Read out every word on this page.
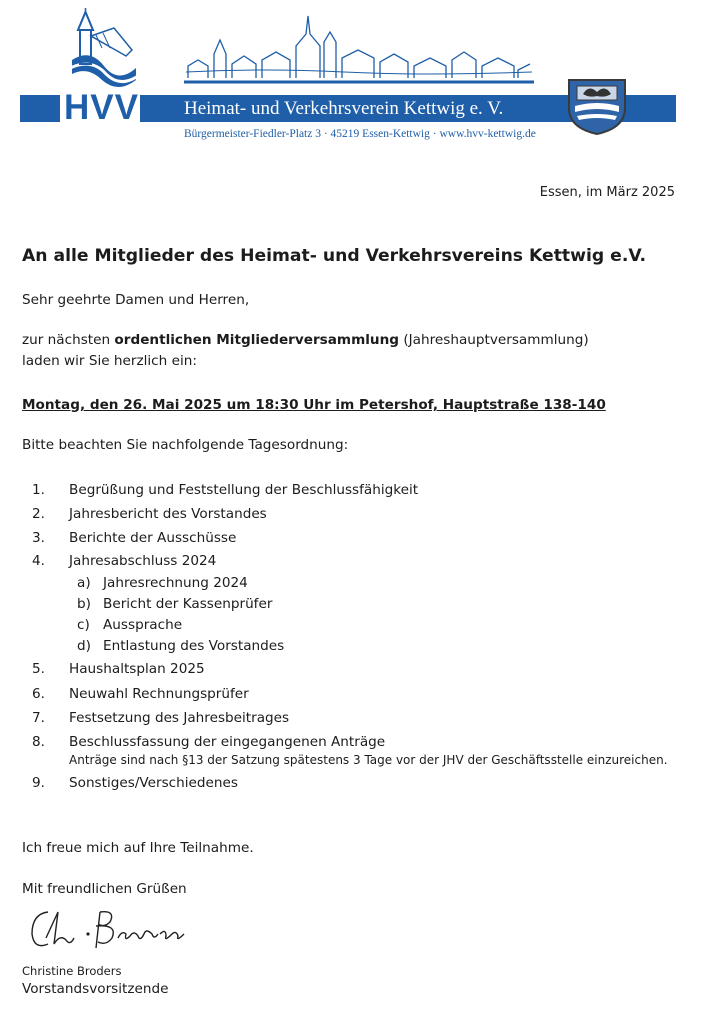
HVV Heimat- und Verkehrsverein Kettwig e. V.
Bürgermeister-Fiedler-Platz 3 · 45219 Essen-Kettwig · www.hvv-kettwig.de
Essen, im März 2025
An alle Mitglieder des Heimat- und Verkehrsvereins Kettwig e.V.
Sehr geehrte Damen und Herren,
zur nächsten ordentlichen Mitgliederversammlung (Jahreshauptversammlung)
laden wir Sie herzlich ein:
Montag, den 26. Mai 2025 um 18:30 Uhr im Petershof, Hauptstraße 138-140
Bitte beachten Sie nachfolgende Tagesordnung:
1. Begrüßung und Feststellung der Beschlussfähigkeit
2. Jahresbericht des Vorstandes
3. Berichte der Ausschüsse
4. Jahresabschluss 2024
a) Jahresrechnung 2024
b) Bericht der Kassenprüfer
c) Aussprache
d) Entlastung des Vorstandes
5. Haushaltsplan 2025
6. Neuwahl Rechnungsprüfer
7. Festsetzung des Jahresbeitrages
8. Beschlussfassung der eingegangenen Anträge
Anträge sind nach §13 der Satzung spätestens 3 Tage vor der JHV der Geschäftsstelle einzureichen.
9. Sonstiges/Verschiedenes
Ich freue mich auf Ihre Teilnahme.
Mit freundlichen Grüßen
Christine Broders
Vorstandsvorsitzende
